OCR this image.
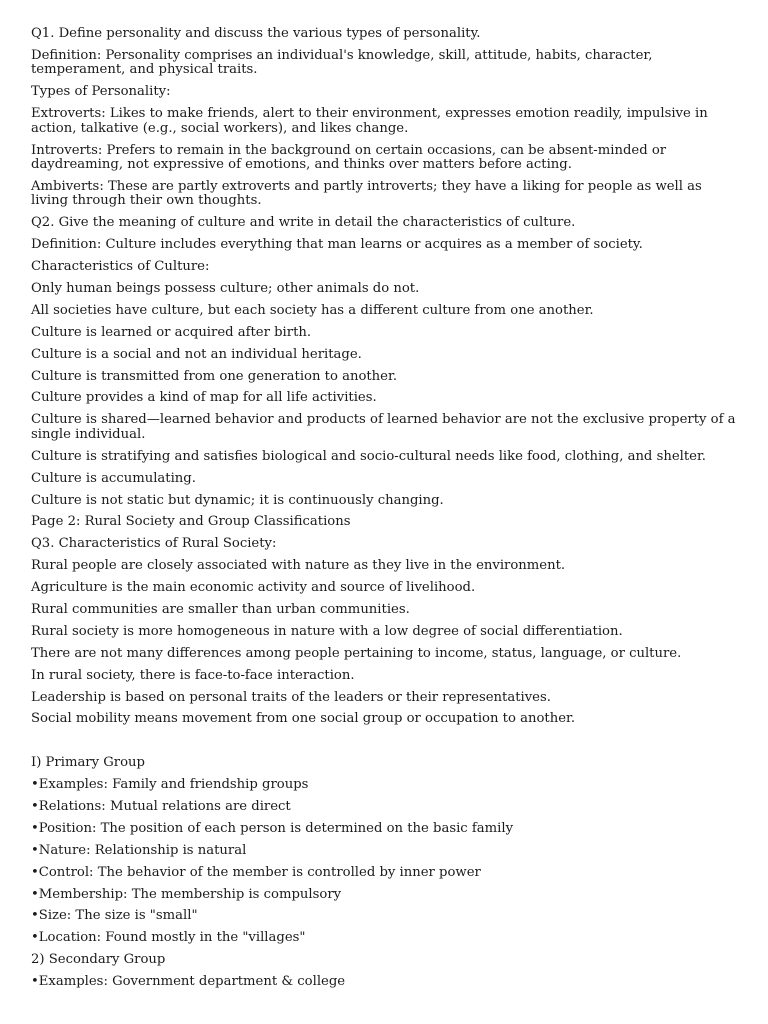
Q1. Define personality and discuss the various types of personality.

Definition: Personality comprises an individual's knowledge, skill, attitude, habits, character, temperament, and physical traits.

Types of Personality:

Extroverts: Likes to make friends, alert to their environment, expresses emotion readily, impulsive in action, talkative (e.g., social workers), and likes change.

Introverts: Prefers to remain in the background on certain occasions, can be absent-minded or daydreaming, not expressive of emotions, and thinks over matters before acting.

Ambiverts: These are partly extroverts and partly introverts; they have a liking for people as well as living through their own thoughts.

Q2. Give the meaning of culture and write in detail the characteristics of culture.

Definition: Culture includes everything that man learns or acquires as a member of society.

Characteristics of Culture:

Only human beings possess culture; other animals do not.

All societies have culture, but each society has a different culture from one another.

Culture is learned or acquired after birth.

Culture is a social and not an individual heritage.

Culture is transmitted from one generation to another.

Culture provides a kind of map for all life activities.

Culture is shared—learned behavior and products of learned behavior are not the exclusive property of a single individual.

Culture is stratifying and satisfies biological and socio-cultural needs like food, clothing, and shelter.

Culture is accumulating.

Culture is not static but dynamic; it is continuously changing.

Page 2: Rural Society and Group Classifications

Q3. Characteristics of Rural Society:

Rural people are closely associated with nature as they live in the environment.

Agriculture is the main economic activity and source of livelihood.

Rural communities are smaller than urban communities.

Rural society is more homogeneous in nature with a low degree of social differentiation.

There are not many differences among people pertaining to income, status, language, or culture.

In rural society, there is face-to-face interaction.

Leadership is based on personal traits of the leaders or their representatives.

Social mobility means movement from one social group or occupation to another.

I) Primary Group

•Examples: Family and friendship groups

•Relations: Mutual relations are direct

•Position: The position of each person is determined on the basic family

•Nature: Relationship is natural

•Control: The behavior of the member is controlled by inner power

•Membership: The membership is compulsory

•Size: The size is "small"

•Location: Found mostly in the "villages"

2) Secondary Group

•Examples: Government department & college
